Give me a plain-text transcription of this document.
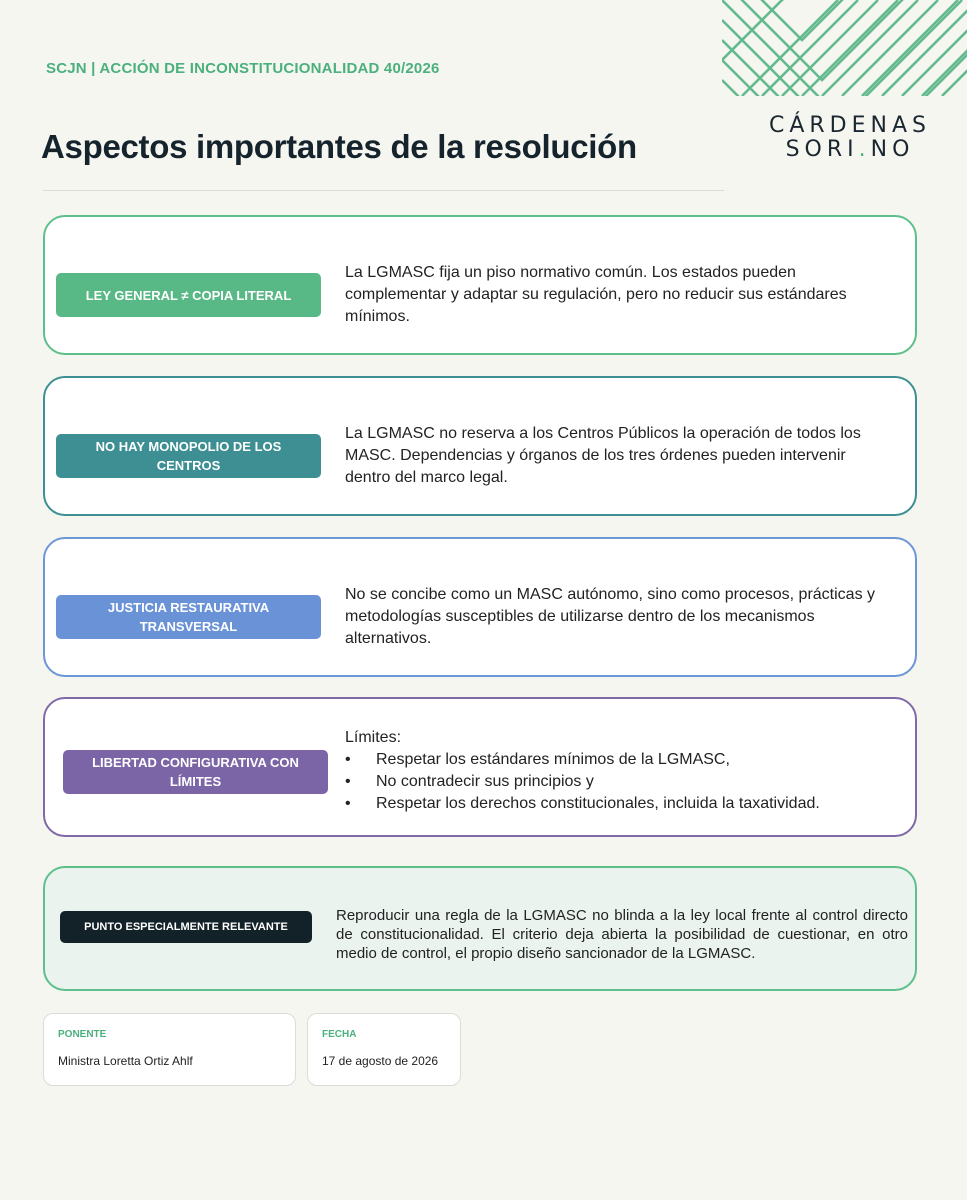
SCJN | ACCIÓN DE INCONSTITUCIONALIDAD 40/2026
Aspectos importantes de la resolución
CÁRDENAS
SORI.NO
LEY GENERAL ≠ COPIA LITERAL
La LGMASC fija un piso normativo común. Los estados pueden complementar y adaptar su regulación, pero no reducir sus estándares mínimos.
NO HAY MONOPOLIO DE LOS CENTROS
La LGMASC no reserva a los Centros Públicos la operación de todos los MASC. Dependencias y órganos de los tres órdenes pueden intervenir dentro del marco legal.
JUSTICIA RESTAURATIVA TRANSVERSAL
No se concibe como un MASC autónomo, sino como procesos, prácticas y metodologías susceptibles de utilizarse dentro de los mecanismos alternativos.
LIBERTAD CONFIGURATIVA CON LÍMITES
Límites:
• Respetar los estándares mínimos de la LGMASC,
• No contradecir sus principios y
• Respetar los derechos constitucionales, incluida la taxatividad.
PUNTO ESPECIALMENTE RELEVANTE
Reproducir una regla de la LGMASC no blinda a la ley local frente al control directo de constitucionalidad. El criterio deja abierta la posibilidad de cuestionar, en otro medio de control, el propio diseño sancionador de la LGMASC.
PONENTE
Ministra Loretta Ortiz Ahlf
FECHA
17 de agosto de 2026
